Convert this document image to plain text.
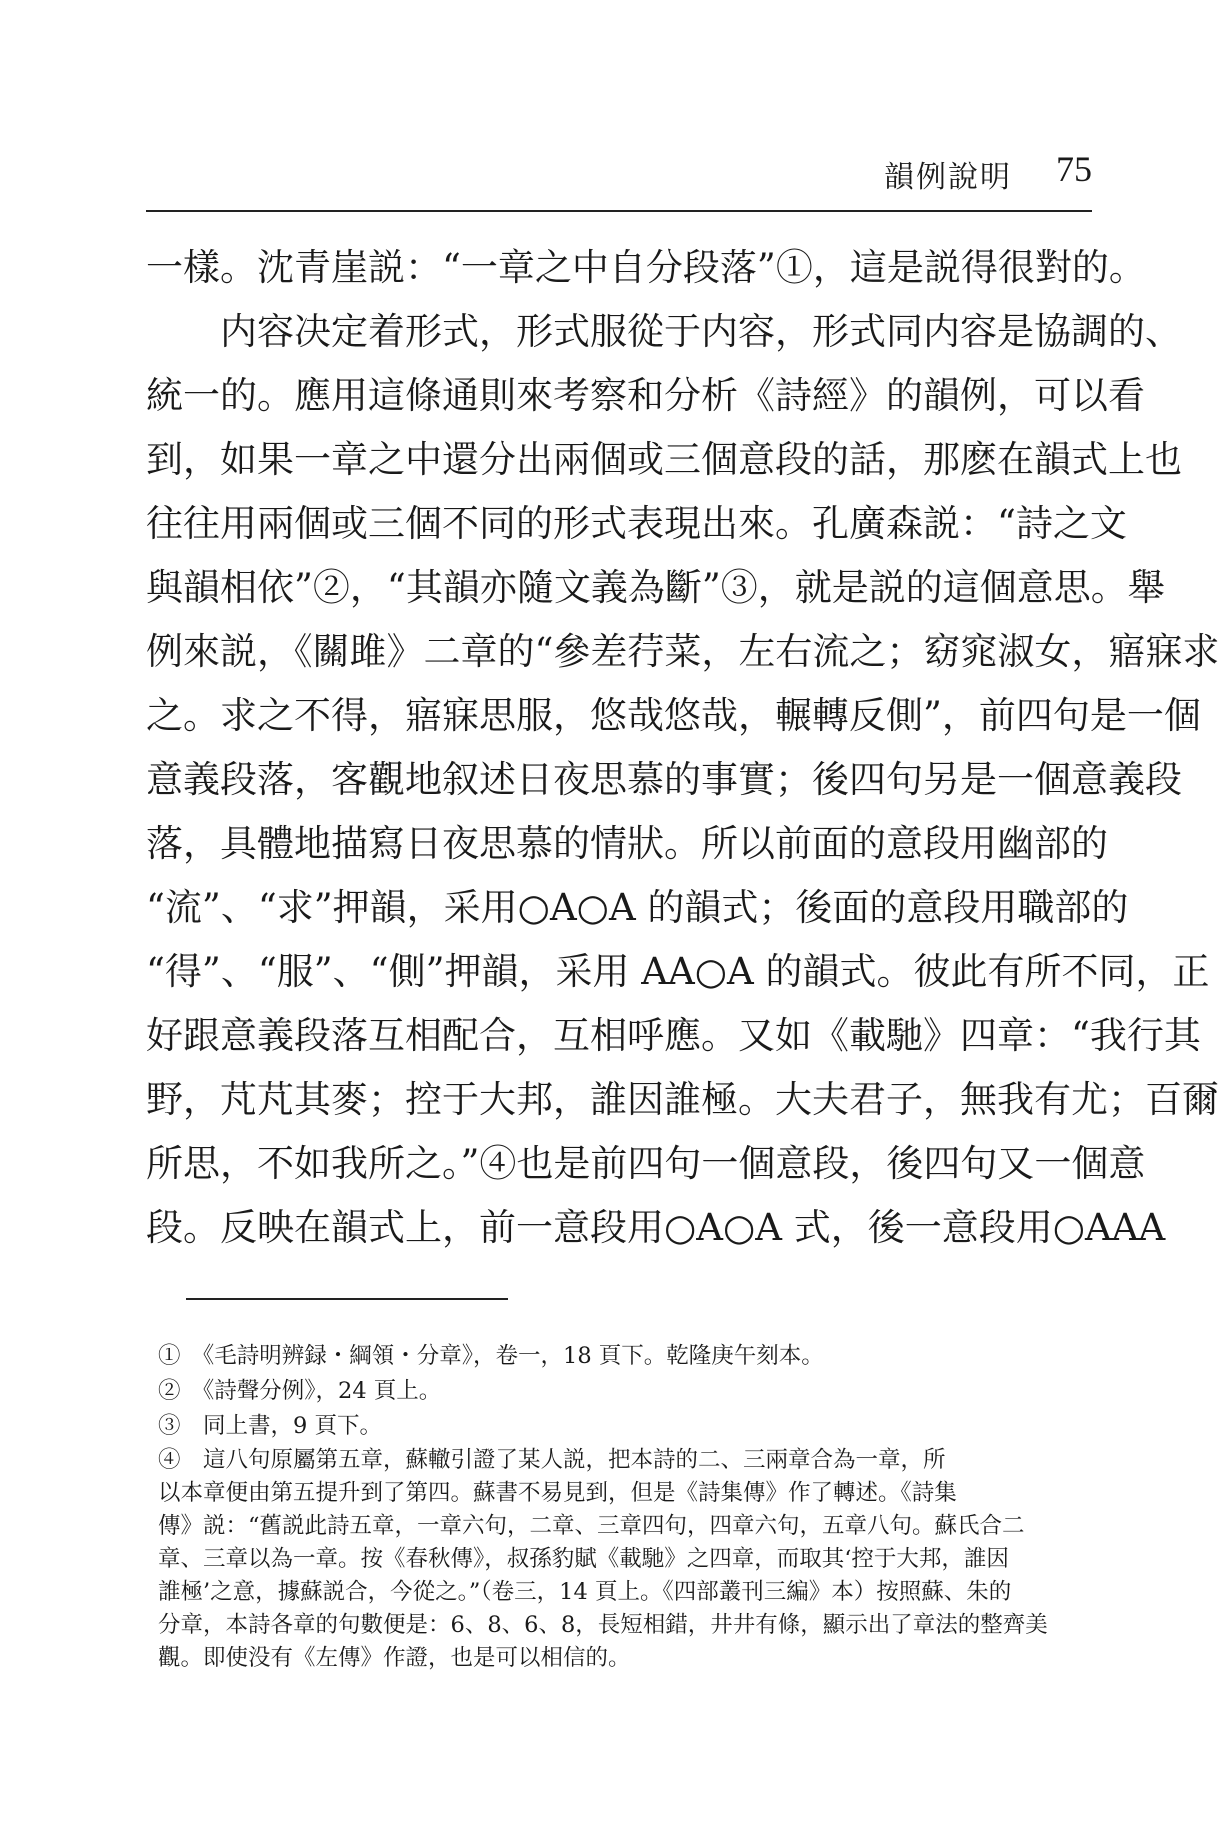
韻例說明 75
一樣。沈青崖説：“一章之中自分段落”①，這是説得很對的。
　　内容决定着形式，形式服從于内容，形式同内容是協調的、
統一的。應用這條通則來考察和分析《詩經》的韻例，可以看
到，如果一章之中還分出兩個或三個意段的話，那麽在韻式上也
往往用兩個或三個不同的形式表現出來。孔廣森説：“詩之文
與韻相依”②，“其韻亦隨文義為斷”③，就是説的這個意思。舉
例來説，《關雎》二章的“參差荇菜，左右流之；窈窕淑女，寤寐求
之。求之不得，寤寐思服，悠哉悠哉，輾轉反側”，前四句是一個
意義段落，客觀地叙述日夜思慕的事實；後四句另是一個意義段
落，具體地描寫日夜思慕的情狀。所以前面的意段用幽部的
“流”、“求”押韻，采用○A○A 的韻式；後面的意段用職部的
“得”、“服”、“側”押韻，采用 AA○A 的韻式。彼此有所不同，正
好跟意義段落互相配合，互相呼應。又如《載馳》四章：“我行其
野，芃芃其麥；控于大邦，誰因誰極。大夫君子，無我有尤；百爾
所思，不如我所之。”④也是前四句一個意段，後四句又一個意
段。反映在韻式上，前一意段用○A○A 式，後一意段用○AAA
①　《毛詩明辨録・綱領・分章》，卷一，18 頁下。乾隆庚午刻本。
②　《詩聲分例》，24 頁上。
③　同上書，9 頁下。
④　這八句原屬第五章，蘇轍引證了某人説，把本詩的二、三兩章合為一章，所
以本章便由第五提升到了第四。蘇書不易見到，但是《詩集傳》作了轉述。《詩集
傳》説：“舊説此詩五章，一章六句，二章、三章四句，四章六句，五章八句。蘇氏合二
章、三章以為一章。按《春秋傳》，叔孫豹賦《載馳》之四章，而取其‘控于大邦，誰因
誰極’之意，據蘇説合，今從之。”（卷三，14 頁上。《四部叢刊三編》本）按照蘇、朱的
分章，本詩各章的句數便是：6、8、6、8，長短相錯，井井有條，顯示出了章法的整齊美
觀。即使没有《左傳》作證，也是可以相信的。
